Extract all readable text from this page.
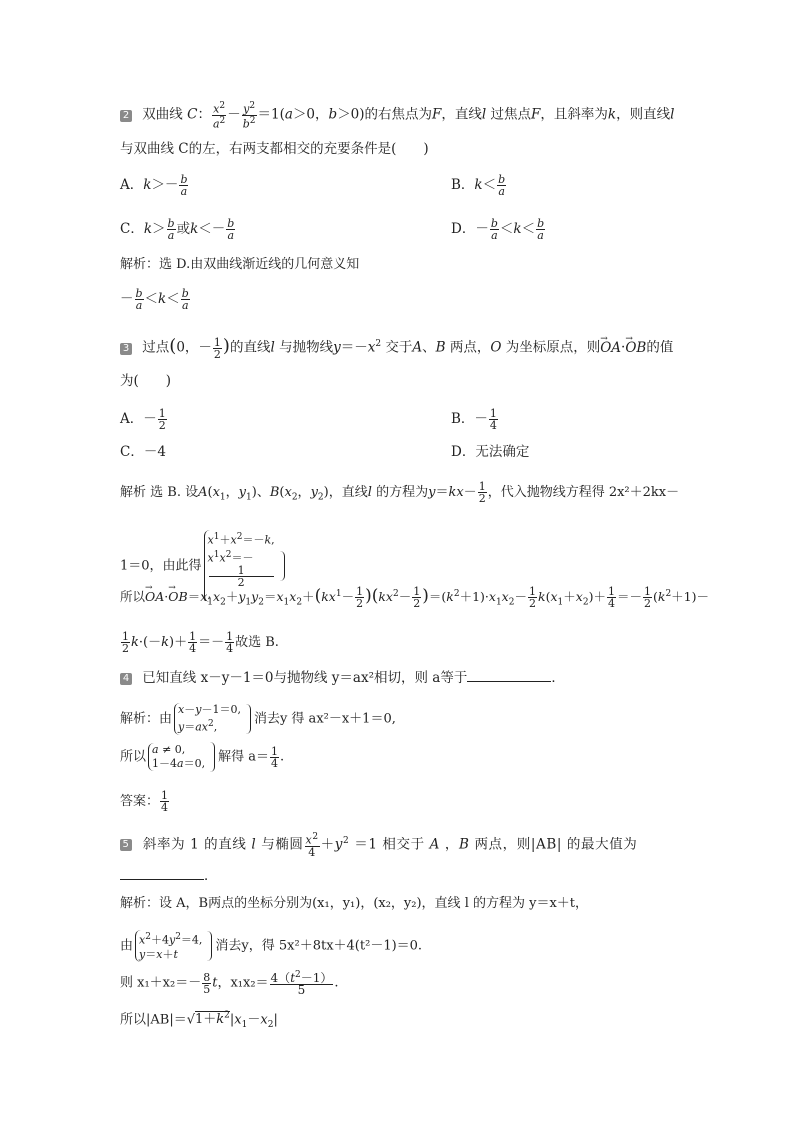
2 双曲线 C： $\frac{x^2}{a^2} - \frac{y^2}{b^2} =1(a>0$，b＞0)的右焦点为F，直线l 过焦点F，且斜率为k，则直线l
与双曲线 C的左，右两支都相交的充要条件是(　　)
A．$k>- \frac{b}{a}$	B．$k< \frac{b}{a}$
C．$k> \frac{b}{a}$ 或$k<- \frac{b}{a}$	D．－ $\frac{b}{a} <k< \frac{b}{a}$
解析：选 D.由双曲线渐近线的几何意义知
－ $\frac{b}{a} <k< \frac{b}{a}$
3 过点(0，－ $\frac{1}{2}$ )的直线l 与抛物线$y=-x^2$ 交于A、B 两点，O 为坐标原点，则→ OA·→ OB的值
为(　　)
A．－ $\frac{1}{2}$	B．－ $\frac{1}{4}$
C．－4	D．无法确定
解析 选 B. 设$A(x_1$，$y_1$)、$B(x_2$，$y_2$)，直线l 的方程为$y=kx- \frac{1}{2}$ ，代入抛物线方程得 2x²＋2kx－
1＝0，由此得
$x^1+x^2=-k$,
$x^1x^2=-$
1
2
,
所以→ $OA\cdot\to OB=x_1x_2+y_1y_2=x_1x_2+(kx^1- \frac{1}{2} )(kx^2- \frac{1}{2} )=(k^2+1)\cdot x_1x_2- \frac{1}{2} k(x_1+x_2)+ \frac{1}{4} =- \frac{1}{2} (k^2+1)-$
$\frac{1}{2} k\cdot(-k)+ \frac{1}{4} =- \frac{1}{4}$ 故选 B.
4 已知直线 x－y－1＝0与抛物线 y＝ax²相切，则 a等于	．
解析：由
x－y－1＝0,
$y=ax^2$,
消去y 得 ax²－x＋1＝0,
所以 a ≠ 0,
1－4a＝0, 解得 $a= \frac{1}{4}$ .
答案： $\frac{1}{4}$
5 斜率为 1 的直线 l 与椭圆 $\frac{x^2}{4} +y^2 =1$ 相交于 A ，B 两点，则|AB| 的最大值为
．
解析：设 A，B两点的坐标分别为(x₁，y₁)，(x₂，y₂)，直线 l 的方程为 y＝x＋t，
由 $x^2+4y^2=4$,
y＝x＋t
消去y，得 5x²＋8tx＋4(t²－1)＝0.
则 $x_1+x_2=- \frac{8}{5}$ t，$x_1x_2= \frac{4(t^2-1)}{5}$ .
所以$|AB|=√1+k^2|x_1-x_2|$
